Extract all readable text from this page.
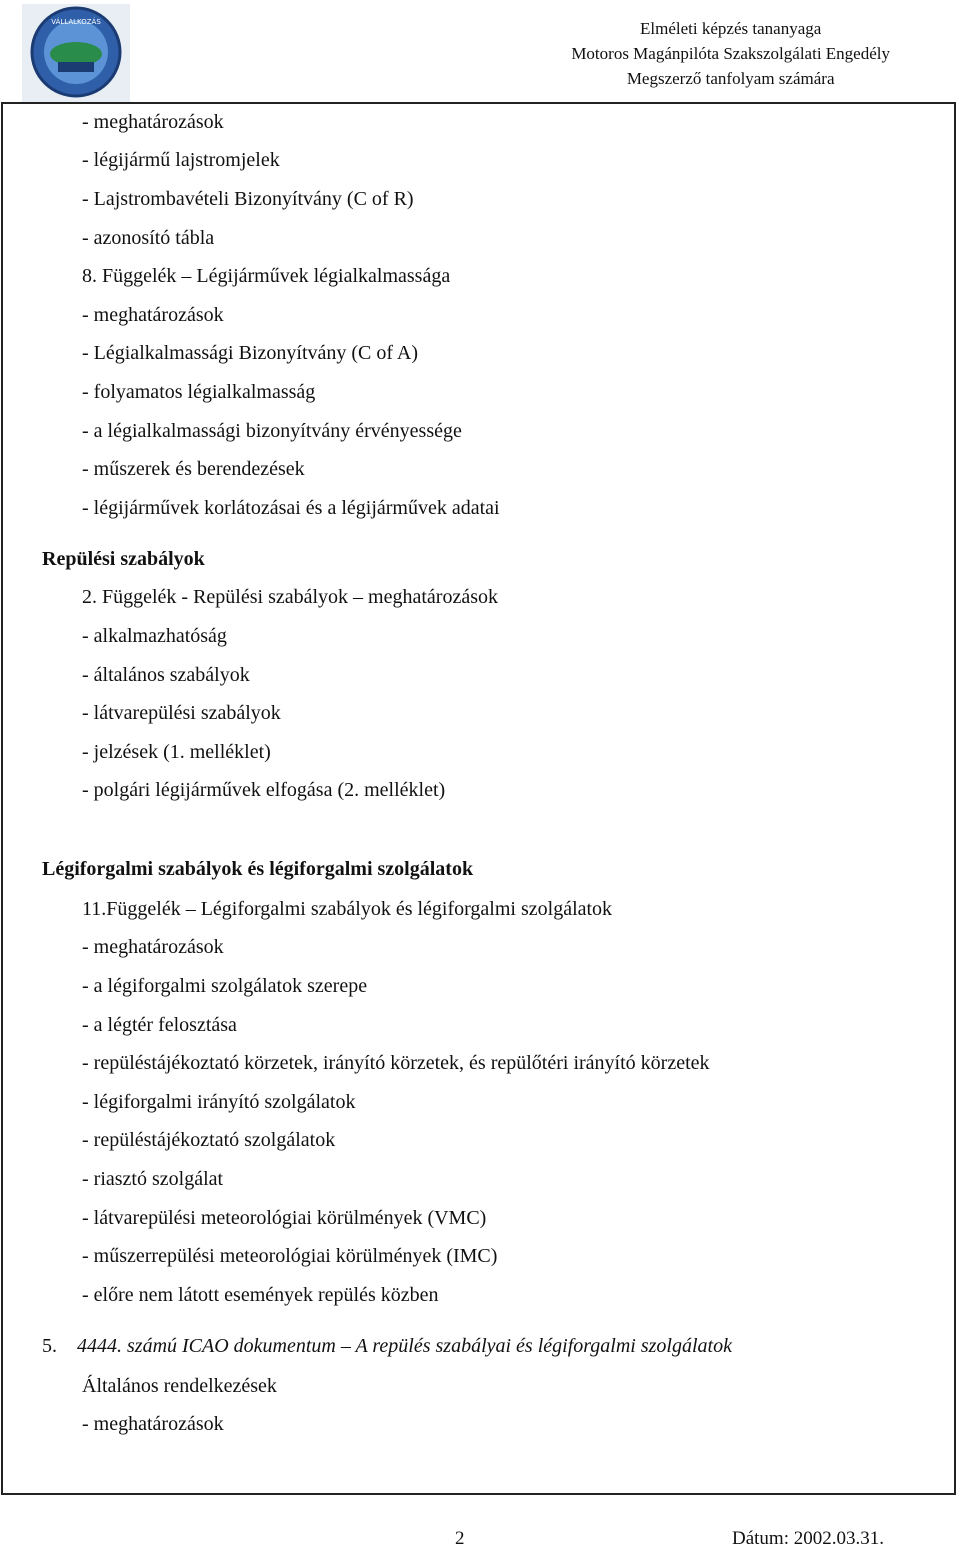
VÁLLALKOZÁS	Elméleti képzés tananyaga
Motoros Magánpilóta Szakszolgálati Engedély
Megszerző tanfolyam számára
- meghatározások
- légijármű lajstromjelek
- Lajstrombavételi Bizonyítvány (C of R)
- azonosító tábla
8. Függelék – Légijárművek légialkalmassága
- meghatározások
- Légialkalmassági Bizonyítvány (C of A)
- folyamatos légialkalmasság
- a légialkalmassági bizonyítvány érvényessége
- műszerek és berendezések
- légijárművek korlátozásai és a légijárművek adatai
Repülési szabályok
2. Függelék - Repülési szabályok – meghatározások
- alkalmazhatóság
- általános szabályok
- látvarepülési szabályok
- jelzések (1. melléklet)
- polgári légijárművek elfogása (2. melléklet)
Légiforgalmi szabályok és légiforgalmi szolgálatok
11.Függelék – Légiforgalmi szabályok és légiforgalmi szolgálatok
- meghatározások
- a légiforgalmi szolgálatok szerepe
- a légtér felosztása
- repüléstájékoztató körzetek, irányító körzetek, és repülőtéri irányító körzetek
- légiforgalmi irányító szolgálatok
- repüléstájékoztató szolgálatok
- riasztó szolgálat
- látvarepülési meteorológiai körülmények (VMC)
- műszerrepülési meteorológiai körülmények (IMC)
- előre nem látott események repülés közben
5. 4444. számú ICAO dokumentum – A repülés szabályai és légiforgalmi szolgálatok
Általános rendelkezések
- meghatározások
2	Dátum: 2002.03.31.
